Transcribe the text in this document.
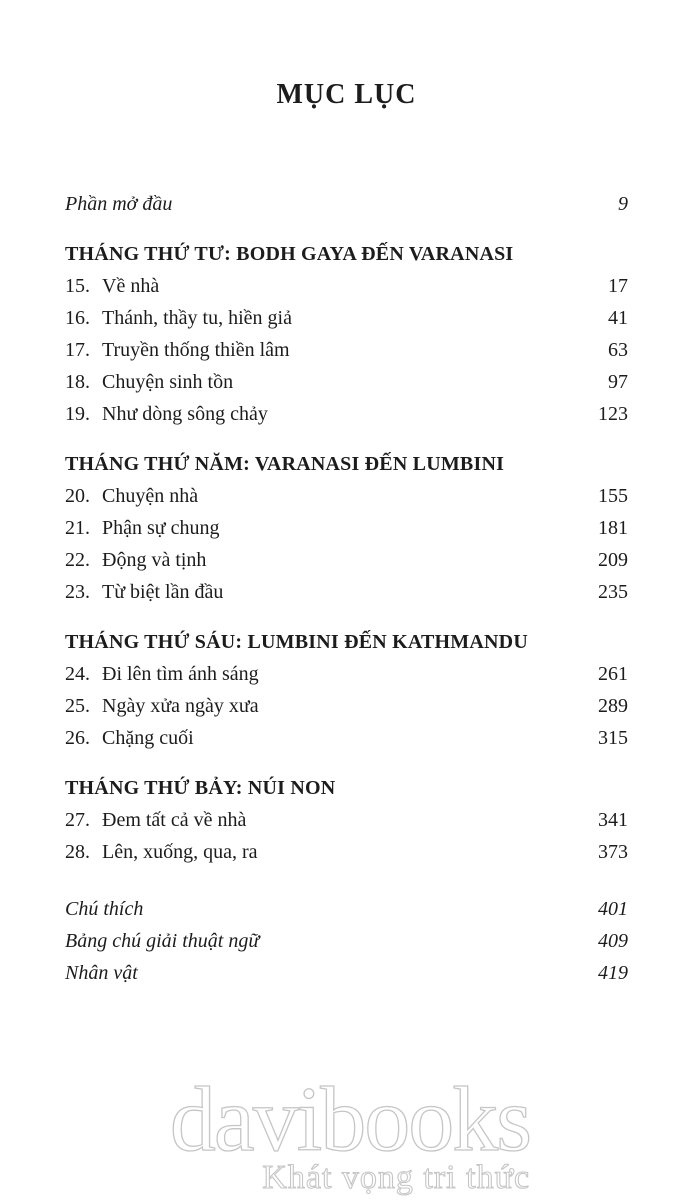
MỤC LỤC
Phần mở đầu	9
THÁNG THỨ TƯ: BODH GAYA ĐẾN VARANASI
15. Về nhà	17
16. Thánh, thầy tu, hiền giả	41
17. Truyền thống thiền lâm	63
18. Chuyện sinh tồn	97
19. Như dòng sông chảy	123
THÁNG THỨ NĂM: VARANASI ĐẾN LUMBINI
20. Chuyện nhà	155
21. Phận sự chung	181
22. Động và tịnh	209
23. Từ biệt lần đầu	235
THÁNG THỨ SÁU: LUMBINI ĐẾN KATHMANDU
24. Đi lên tìm ánh sáng	261
25. Ngày xửa ngày xưa	289
26. Chặng cuối	315
THÁNG THỨ BẢY: NÚI NON
27. Đem tất cả về nhà	341
28. Lên, xuống, qua, ra	373
Chú thích	401
Bảng chú giải thuật ngữ	409
Nhân vật	419
davibooks
Khát vọng tri thức
